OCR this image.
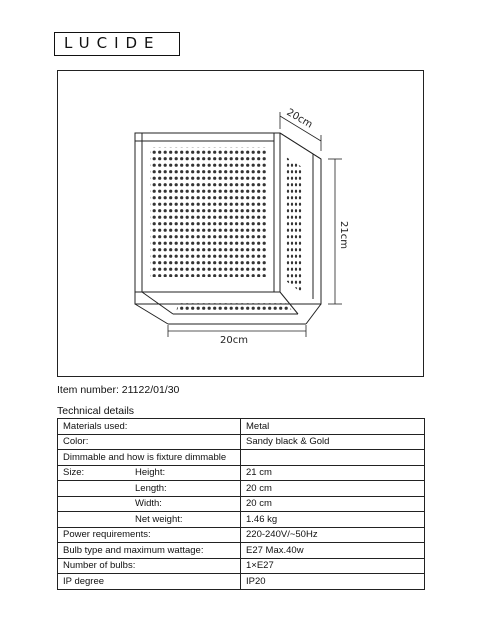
LUCIDE
20cm
21cm
20cm
Item number: 21122/01/30
Technical details
Materials used:	Metal
Color:	Sandy black & Gold
Dimmable and how is fixture dimmable	
Size: Height:	21 cm
Length:	20 cm
Width:	20 cm
Net weight:	1.46 kg
Power requirements:	220-240V/~50Hz
Bulb type and maximum wattage:	E27 Max.40w
Number of bulbs:	1×E27
IP degree	IP20
